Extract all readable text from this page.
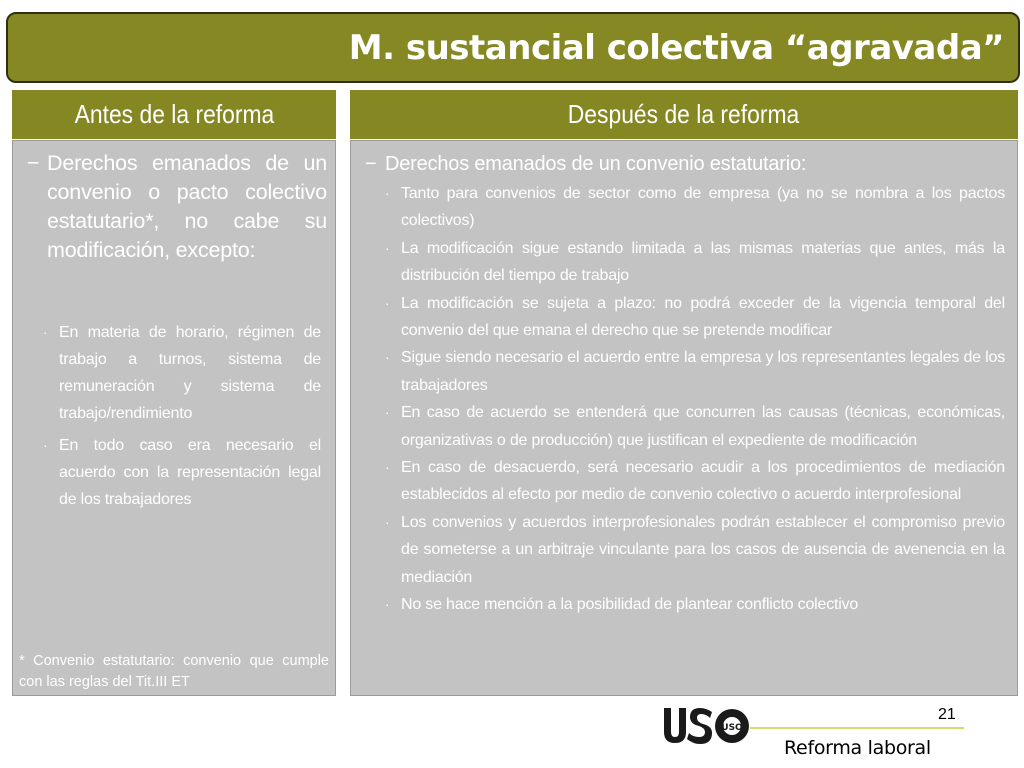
M. sustancial colectiva “agravada”
Antes de la reforma	Después de la reforma
− Derechos emanados de un convenio o pacto colectivo estatutario*, no cabe su modificación, excepto:
· En materia de horario, régimen de trabajo a turnos, sistema de remuneración y sistema de trabajo/rendimiento
· En todo caso era necesario el acuerdo con la representación legal de los trabajadores
* Convenio estatutario: convenio que cumple con las reglas del Tit.III ET
− Derechos emanados de un convenio estatutario:
· Tanto para convenios de sector como de empresa (ya no se nombra a los pactos colectivos)
· La modificación sigue estando limitada a las mismas materias que antes, más la distribución del tiempo de trabajo
· La modificación se sujeta a plazo: no podrá exceder de la vigencia temporal del convenio del que emana el derecho que se pretende modificar
· Sigue siendo necesario el acuerdo entre la empresa y los representantes legales de los trabajadores
· En caso de acuerdo se entenderá que concurren las causas (técnicas, económicas, organizativas o de producción) que justifican el expediente de modificación
· En caso de desacuerdo, será necesario acudir a los procedimientos de mediación establecidos al efecto por medio de convenio colectivo o acuerdo interprofesional
· Los convenios y acuerdos interprofesionales podrán establecer el compromiso previo de someterse a un arbitraje vinculante para los casos de ausencia de avenencia en la mediación
· No se hace mención a la posibilidad de plantear conflicto colectivo
USO
21
Reforma laboral
